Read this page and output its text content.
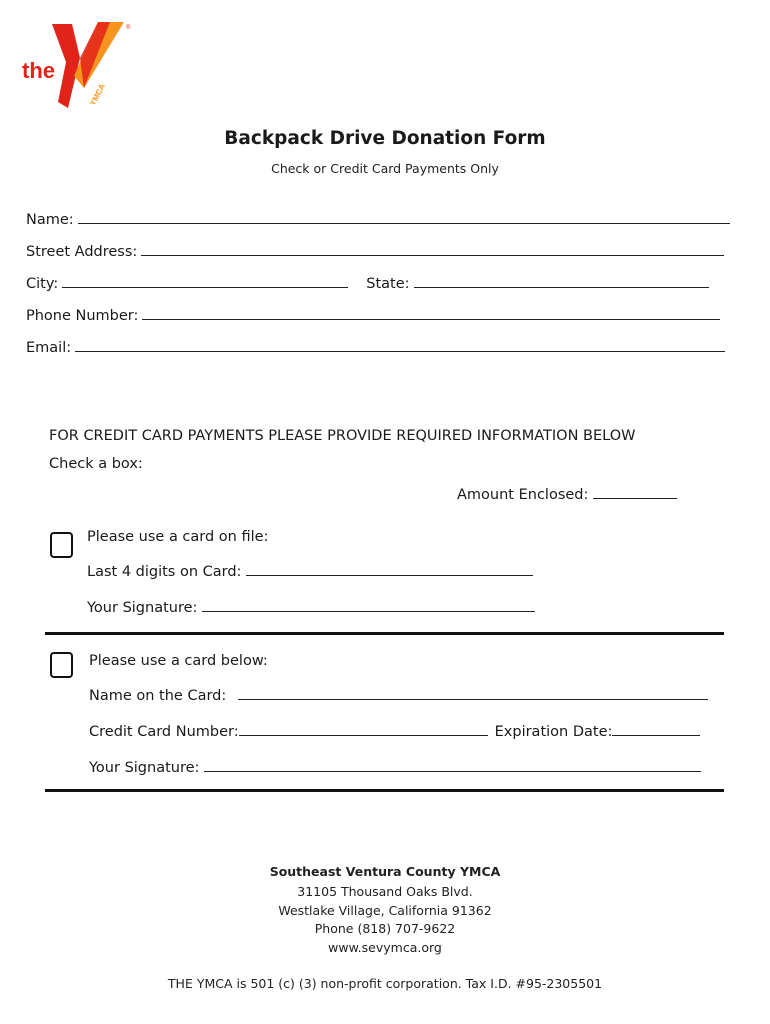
the
YMCA
®
Backpack Drive Donation Form
Check or Credit Card Payments Only
Name:
Street Address:
City:	State:
Phone Number:
Email:
FOR CREDIT CARD PAYMENTS PLEASE PROVIDE REQUIRED INFORMATION BELOW
Check a box:
Amount Enclosed:
Please use a card on file:
Last 4 digits on Card:
Your Signature:
Please use a card below:
Name on the Card:
Credit Card Number:	Expiration Date:
Your Signature:
Southeast Ventura County YMCA
31105 Thousand Oaks Blvd.
Westlake Village, California 91362
Phone (818) 707-9622
www.sevymca.org
THE YMCA is 501 (c) (3) non-profit corporation. Tax I.D. #95-2305501
